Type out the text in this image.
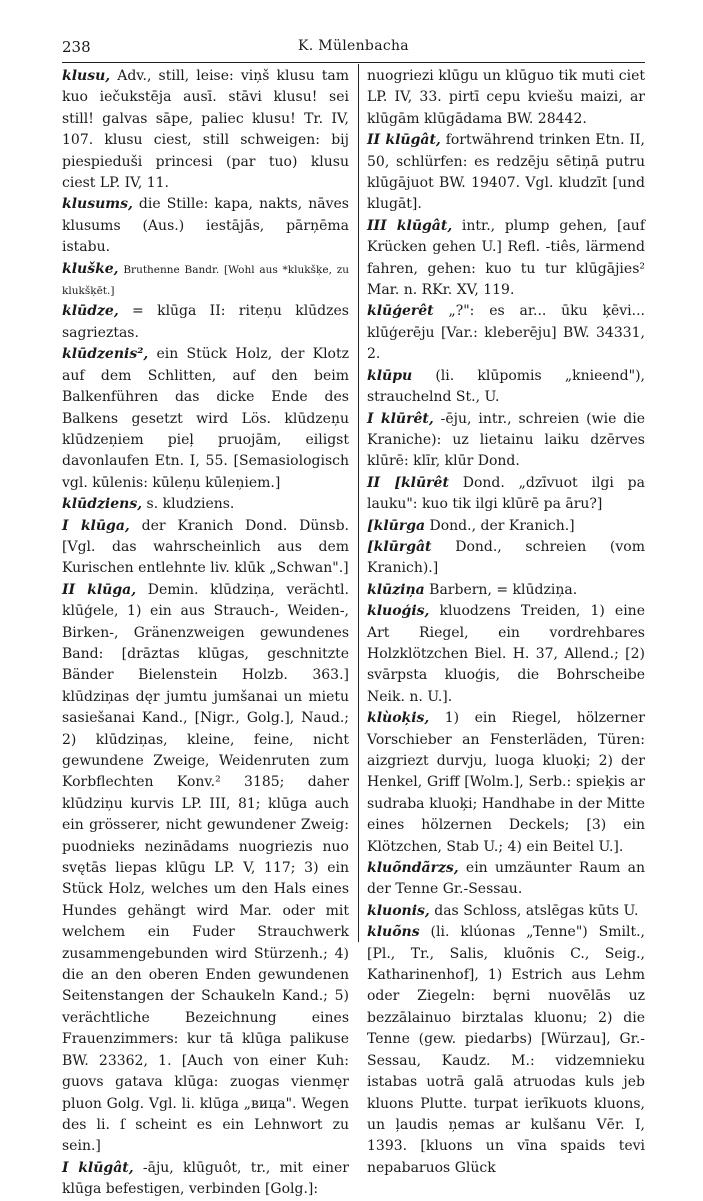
238	K. Mülenbacha

klusu, Adv., still, leise: viņš klusu tam kuo iečukstēja ausī. stāvi klusu! sei still! galvas sāpe, paliec klusu! Tr. IV, 107. klusu ciest, still schweigen: bij piespieduši princesi (par tuo) klusu ciest LP. IV, 11.

klusums, die Stille: kapa, nakts, nāves klusums (Aus.) iestājās, pārņēma istabu.

kluške, Bruthenne Bandr. [Wohl aus *klukšķe, zu klukšķēt.]

klūdze, = klūga II: riteņu klūdzes sagrieztas.

klūdzenis², ein Stück Holz, der Klotz auf dem Schlitten, auf den beim Balkenführen das dicke Ende des Balkens gesetzt wird Lös. klūdzeņu klūdzeņiem pieļ pruojām, eiligst davonlaufen Etn. I, 55. [Semasiologisch vgl. kūlenis: kūleņu kūleņiem.]

klūdziens, s. kludziens.

I klūga, der Kranich Dond. Dünsb. [Vgl. das wahrscheinlich aus dem Kurischen entlehnte liv. klūk „Schwan".]

II klūga, Demin. klūdziņa, verächtl. klūģele, 1) ein aus Strauch-, Weiden-, Birken-, Gränenzweigen gewundenes Band: [drāztas klūgas, geschnitzte Bänder Bielenstein Holzb. 363.] klūdziņas dęr jumtu jumšanai un mietu sasiešanai Kand., [Nigr., Golg.], Naud.; 2) klūdziņas, kleine, feine, nicht gewundene Zweige, Weidenruten zum Korbflechten Konv.² 3185; daher klūdziņu kurvis LP. III, 81; klūga auch ein grösserer, nicht gewundener Zweig: puodnieks nezinādams nuogriezis nuo svętās liepas klūgu LP. V, 117; 3) ein Stück Holz, welches um den Hals eines Hundes gehängt wird Mar. oder mit welchem ein Fuder Strauchwerk zusammengebunden wird Stürzenh.; 4) die an den oberen Enden gewundenen Seitenstangen der Schaukeln Kand.; 5) verächtliche Bezeichnung eines Frauenzimmers: kur tā klūga palikuse BW. 23362, 1. [Auch von einer Kuh: guovs gatava klūga: zuogas vienmęr pluon Golg. Vgl. li. klūga „вица". Wegen des li. ſ scheint es ein Lehnwort zu sein.]

I klūgât, -āju, klūguôt, tr., mit einer klūga befestigen, verbinden [Golg.]:

nuogriezi klūgu un klūguo tik muti ciet LP. IV, 33. pirtī cepu kviešu maizi, ar klūgām klūgādama BW. 28442.

II klūgât, fortwährend trinken Etn. II, 50, schlürfen: es redzēju sētiņā putru klūgājuot BW. 19407. Vgl. kludzīt [und klugāt].

III klūgât, intr., plump gehen, [auf Krücken gehen U.] Refl. -tiês, lärmend fahren, gehen: kuo tu tur klūgājies² Mar. n. RKr. XV, 119.

klūģerêt „?": es ar... ūku ķēvi... klūģerēju [Var.: kleberēju] BW. 34331, 2.

klūpu (li. klūpomis „knieend"), strauchelnd St., U.

I klūrêt, -ēju, intr., schreien (wie die Kraniche): uz lietainu laiku dzērves klūrē: klīr, klūr Dond.

II [klūrêt Dond. „dzīvuot ilgi pa lauku": kuo tik ilgi klūrē pa āru?]

[klūrga Dond., der Kranich.]

[klūrgât Dond., schreien (vom Kranich).]

klūziņa Barbern, = klūdziņa.

kluoģis, kluodzens Treiden, 1) eine Art Riegel, ein vordrehbares Holzklötzchen Biel. H. 37, Allend.; [2) svārpsta kluoģis, die Bohrscheibe Neik. n. U.].

klùoķis, 1) ein Riegel, hölzerner Vorschieber an Fensterläden, Türen: aizgriezt durvju, luoga kluoķi; 2) der Henkel, Griff [Wolm.], Serb.: spieķis ar sudraba kluoķi; Handhabe in der Mitte eines hölzernen Deckels; [3) ein Klötzchen, Stab U.; 4) ein Beitel U.].

kluõndãrzs, ein umzäunter Raum an der Tenne Gr.-Sessau.

kluonis, das Schloss, atslēgas kūts U.

kluõns (li. klúonas „Tenne") Smilt., [Pl., Tr., Salis, kluõnis C., Seig., Katharinenhof], 1) Estrich aus Lehm oder Ziegeln: bęrni nuovēlās uz bezzālainuo birztalas kluonu; 2) die Tenne (gew. piedarbs) [Würzau], Gr.-Sessau, Kaudz. M.: vidzemnieku istabas uotrā galā atruodas kuls jeb kluons Plutte. turpat ierīkuots kluons, un ļaudis ņemas ar kulšanu Vēr. I, 1393. [kluons un vīna spaids tevi nepabaruos Glück
